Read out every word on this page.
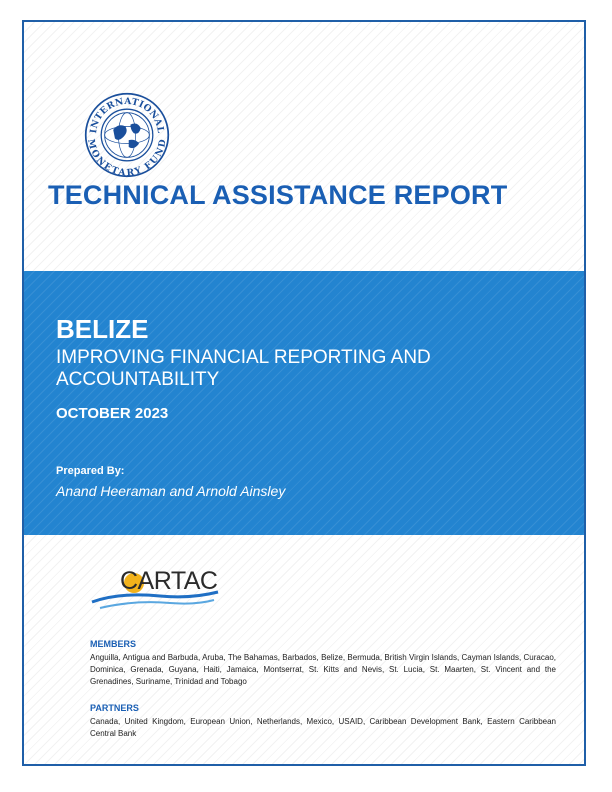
INTERNATIONAL
MONETARY FUND
TECHNICAL ASSISTANCE REPORT
BELIZE

IMPROVING FINANCIAL REPORTING AND ACCOUNTABILITY

OCTOBER 2023
Prepared By:
Anand Heeraman and Arnold Ainsley
CARTAC
MEMBERS
Anguilla, Antigua and Barbuda, Aruba, The Bahamas, Barbados, Belize, Bermuda, British Virgin Islands, Cayman Islands, Curacao, Dominica, Grenada, Guyana, Haiti, Jamaica, Montserrat, St. Kitts and Nevis, St. Lucia, St. Maarten, St. Vincent and the Grenadines, Suriname, Trinidad and Tobago
PARTNERS
Canada, United Kingdom, European Union, Netherlands, Mexico, USAID, Caribbean Development Bank, Eastern Caribbean Central Bank
